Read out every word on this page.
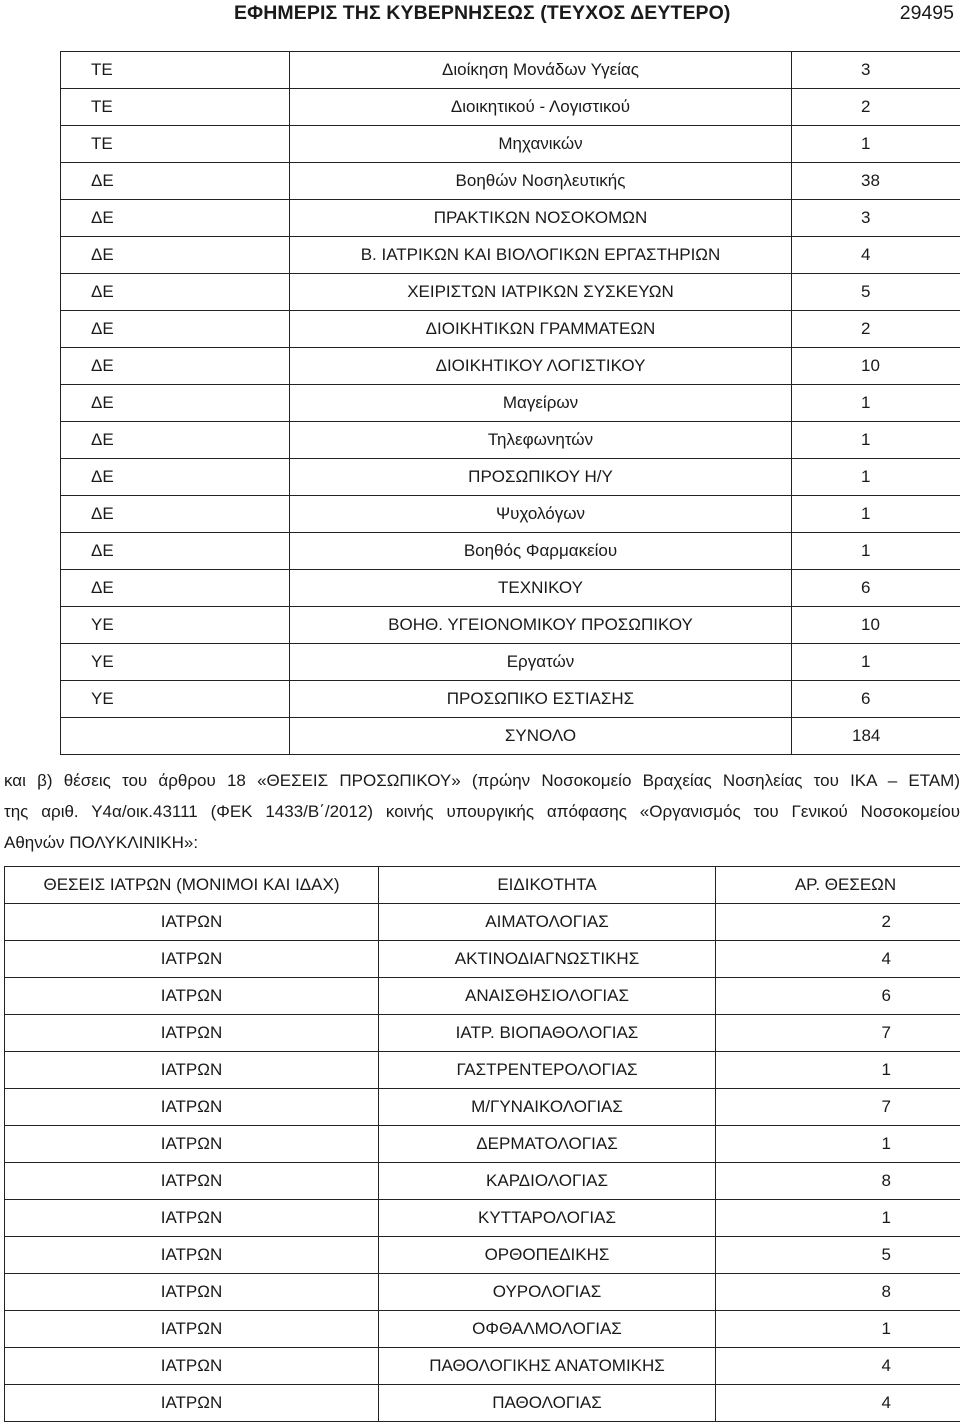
ΕΦΗΜΕΡΙΣ ΤΗΣ ΚΥΒΕΡΝΗΣΕΩΣ (ΤΕΥΧΟΣ ΔΕΥΤΕΡΟ)	29495
ΤΕ	Διοίκηση Μονάδων Υγείας	3
ΤΕ	Διοικητικού - Λογιστικού	2
ΤΕ	Μηχανικών	1
ΔΕ	Βοηθών Νοσηλευτικής	38
ΔΕ	ΠΡΑΚΤΙΚΩΝ ΝΟΣΟΚΟΜΩΝ	3
ΔΕ	Β. ΙΑΤΡΙΚΩΝ ΚΑΙ ΒΙΟΛΟΓΙΚΩΝ ΕΡΓΑΣΤΗΡΙΩΝ	4
ΔΕ	ΧΕΙΡΙΣΤΩΝ ΙΑΤΡΙΚΩΝ ΣΥΣΚΕΥΩΝ	5
ΔΕ	ΔΙΟΙΚΗΤΙΚΩΝ ΓΡΑΜΜΑΤΕΩΝ	2
ΔΕ	ΔΙΟΙΚΗΤΙΚΟΥ ΛΟΓΙΣΤΙΚΟΥ	10
ΔΕ	Μαγείρων	1
ΔΕ	Τηλεφωνητών	1
ΔΕ	ΠΡΟΣΩΠΙΚΟΥ Η/Υ	1
ΔΕ	Ψυχολόγων	1
ΔΕ	Βοηθός Φαρμακείου	1
ΔΕ	ΤΕΧΝΙΚΟΥ	6
ΥΕ	ΒΟΗΘ. ΥΓΕΙΟΝΟΜΙΚΟΥ ΠΡΟΣΩΠΙΚΟΥ	10
ΥΕ	Εργατών	1
ΥΕ	ΠΡΟΣΩΠΙΚΟ ΕΣΤΙΑΣΗΣ	6
	ΣΥΝΟΛΟ	184

και β) θέσεις του άρθρου 18 «ΘΕΣΕΙΣ ΠΡΟΣΩΠΙΚΟΥ» (πρώην Νοσοκομείο Βραχείας Νοσηλείας του ΙΚΑ – ΕΤΑΜ)

της αριθ. Υ4α/οικ.43111 (ΦΕΚ 1433/Β΄/2012) κοινής υπουργικής απόφασης «Οργανισμός του Γενικού Νοσοκομείου

Αθηνών ΠΟΛΥΚΛΙΝΙΚΗ»:

ΘΕΣΕΙΣ ΙΑΤΡΩΝ (ΜΟΝΙΜΟΙ ΚΑΙ ΙΔΑΧ)	ΕΙΔΙΚΟΤΗΤΑ	ΑΡ. ΘΕΣΕΩΝ
ΙΑΤΡΩΝ	ΑΙΜΑΤΟΛΟΓΙΑΣ	2
ΙΑΤΡΩΝ	ΑΚΤΙΝΟΔΙΑΓΝΩΣΤΙΚΗΣ	4
ΙΑΤΡΩΝ	ΑΝΑΙΣΘΗΣΙΟΛΟΓΙΑΣ	6
ΙΑΤΡΩΝ	ΙΑΤΡ. ΒΙΟΠΑΘΟΛΟΓΙΑΣ	7
ΙΑΤΡΩΝ	ΓΑΣΤΡΕΝΤΕΡΟΛΟΓΙΑΣ	1
ΙΑΤΡΩΝ	Μ/ΓΥΝΑΙΚΟΛΟΓΙΑΣ	7
ΙΑΤΡΩΝ	ΔΕΡΜΑΤΟΛΟΓΙΑΣ	1
ΙΑΤΡΩΝ	ΚΑΡΔΙΟΛΟΓΙΑΣ	8
ΙΑΤΡΩΝ	ΚΥΤΤΑΡΟΛΟΓΙΑΣ	1
ΙΑΤΡΩΝ	ΟΡΘΟΠΕΔΙΚΗΣ	5
ΙΑΤΡΩΝ	ΟΥΡΟΛΟΓΙΑΣ	8
ΙΑΤΡΩΝ	ΟΦΘΑΛΜΟΛΟΓΙΑΣ	1
ΙΑΤΡΩΝ	ΠΑΘΟΛΟΓΙΚΗΣ ΑΝΑΤΟΜΙΚΗΣ	4
ΙΑΤΡΩΝ	ΠΑΘΟΛΟΓΙΑΣ	4
